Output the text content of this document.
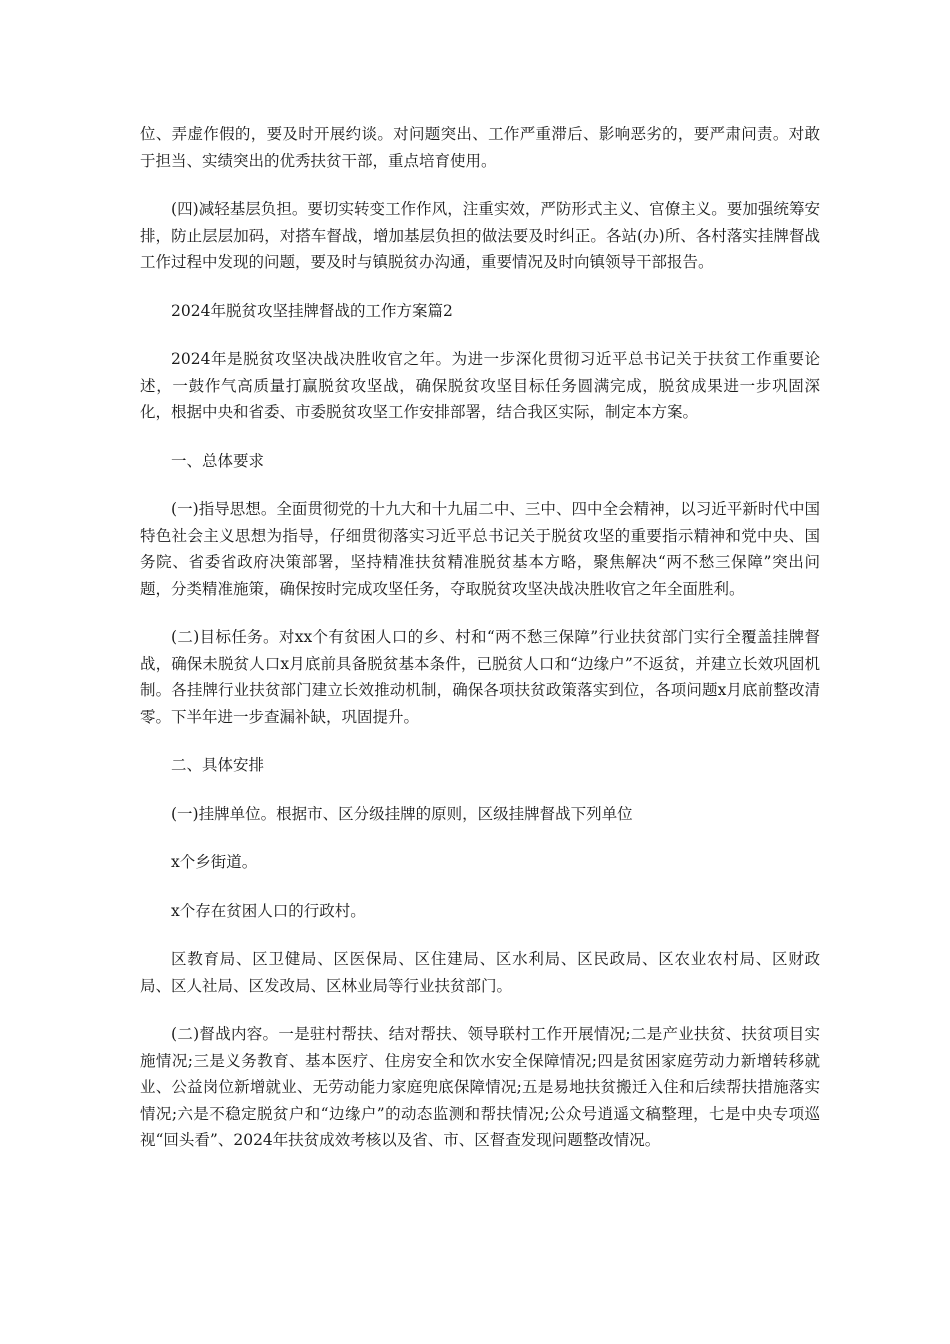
位、弄虚作假的，要及时开展约谈。对问题突出、工作严重滞后、影响恶劣的，要严肃问责。对敢于担当、实绩突出的优秀扶贫干部，重点培育使用。

(四)减轻基层负担。要切实转变工作作风，注重实效，严防形式主义、官僚主义。要加强统筹安排，防止层层加码，对搭车督战，增加基层负担的做法要及时纠正。各站(办)所、各村落实挂牌督战工作过程中发现的问题，要及时与镇脱贫办沟通，重要情况及时向镇领导干部报告。

2024年脱贫攻坚挂牌督战的工作方案篇2

2024年是脱贫攻坚决战决胜收官之年。为进一步深化贯彻习近平总书记关于扶贫工作重要论述，一鼓作气高质量打赢脱贫攻坚战，确保脱贫攻坚目标任务圆满完成，脱贫成果进一步巩固深化，根据中央和省委、市委脱贫攻坚工作安排部署，结合我区实际，制定本方案。

一、总体要求

(一)指导思想。全面贯彻党的十九大和十九届二中、三中、四中全会精神，以习近平新时代中国特色社会主义思想为指导，仔细贯彻落实习近平总书记关于脱贫攻坚的重要指示精神和党中央、国务院、省委省政府决策部署，坚持精准扶贫精准脱贫基本方略，聚焦解决“两不愁三保障”突出问题，分类精准施策，确保按时完成攻坚任务，夺取脱贫攻坚决战决胜收官之年全面胜利。

(二)目标任务。对xx个有贫困人口的乡、村和“两不愁三保障”行业扶贫部门实行全覆盖挂牌督战，确保未脱贫人口x月底前具备脱贫基本条件，已脱贫人口和“边缘户”不返贫，并建立长效巩固机制。各挂牌行业扶贫部门建立长效推动机制，确保各项扶贫政策落实到位，各项问题x月底前整改清零。下半年进一步查漏补缺，巩固提升。

二、具体安排

(一)挂牌单位。根据市、区分级挂牌的原则，区级挂牌督战下列单位

x个乡街道。

x个存在贫困人口的行政村。

区教育局、区卫健局、区医保局、区住建局、区水利局、区民政局、区农业农村局、区财政局、区人社局、区发改局、区林业局等行业扶贫部门。

(二)督战内容。一是驻村帮扶、结对帮扶、领导联村工作开展情况;二是产业扶贫、扶贫项目实施情况;三是义务教育、基本医疗、住房安全和饮水安全保障情况;四是贫困家庭劳动力新增转移就业、公益岗位新增就业、无劳动能力家庭兜底保障情况;五是易地扶贫搬迁入住和后续帮扶措施落实情况;六是不稳定脱贫户和“边缘户”的动态监测和帮扶情况;公众号逍遥文稿整理，七是中央专项巡视“回头看”、2024年扶贫成效考核以及省、市、区督查发现问题整改情况。
